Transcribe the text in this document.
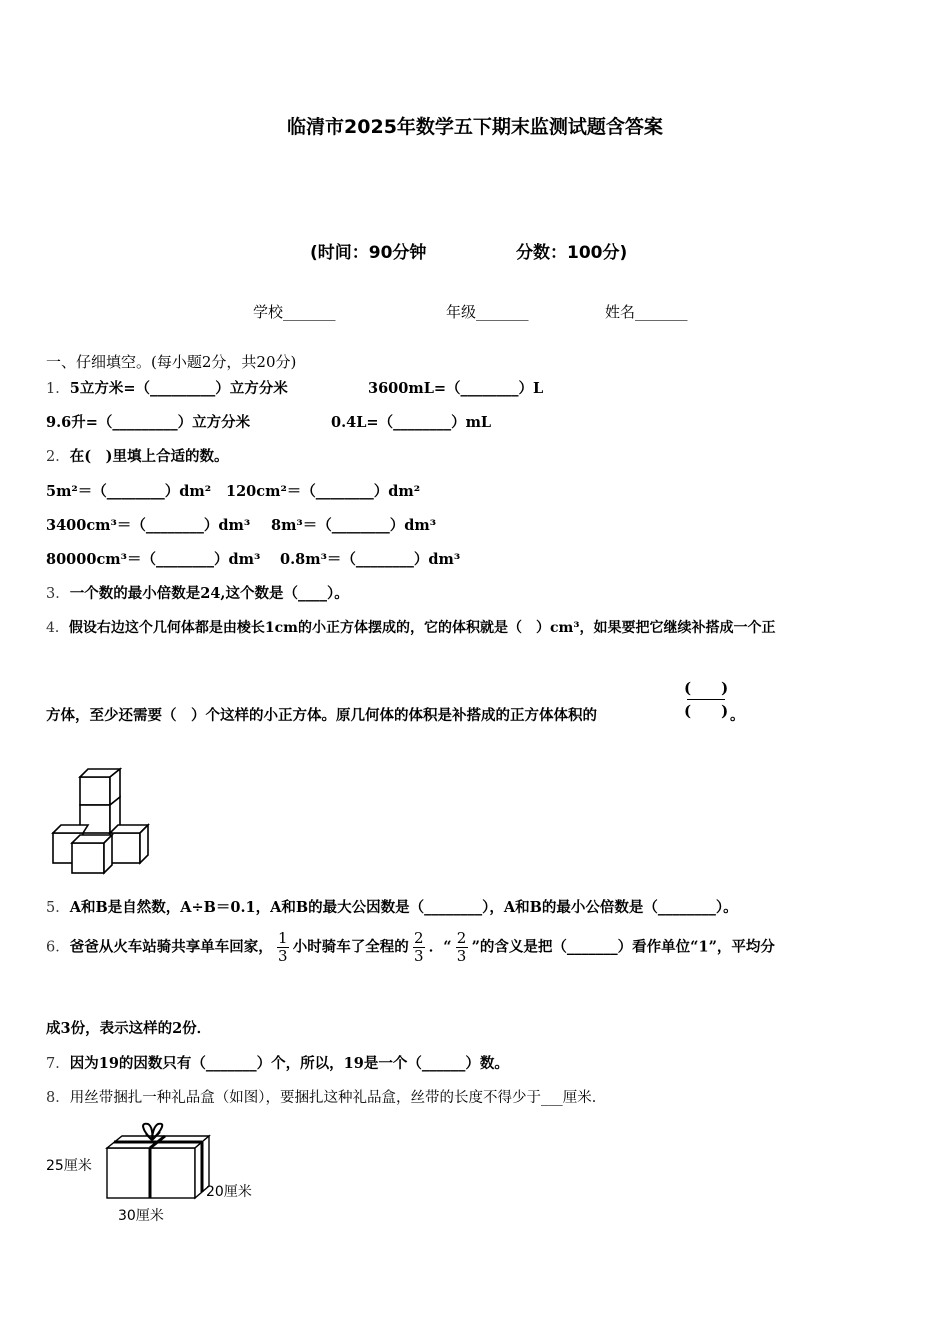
临清市2025年数学五下期末监测试题含答案
(时间：90分钟	分数：100分)
学校_______	年级_______	姓名_______
一、仔细填空。(每小题2分，共20分)
1．5立方米=（_________）立方分米	3600mL=（________）L
9.6升=（_________）立方分米	0.4L=（________）mL
2．在(　)里填上合适的数。
5m²＝（________）dm² 120cm²＝（________）dm²
3400cm³＝（________）dm³ 8m³＝（________）dm³
80000cm³＝（________）dm³ 0.8m³＝（________）dm³
3．一个数的最小倍数是24,这个数是（____）。
4．假设右边这个几何体都是由棱长1cm的小正方体摆成的，它的体积就是（　）cm³，如果要把它继续补搭成一个正
方体，至少还需要（　）个这样的小正方体。原几何体的体积是补搭成的正方体体积的
(　　)
(　　) 。
5．A和B是自然数，A÷B＝0.1，A和B的最大公因数是（________），A和B的最小公倍数是（________）。
6．爸爸从火车站骑共享单车回家， $\frac{1}{3}$ 小时骑车了全程的 $\frac{2}{3}$ ．“ $\frac{2}{3}$ ”的含义是把（_______）看作单位“1”，平均分
成3份，表示这样的2份．
7．因为19的因数只有（_______）个，所以，19是一个（______）数。
8．用丝带捆扎一种礼品盒（如图），要捆扎这种礼品盒，丝带的长度不得少于___厘米．
25厘米
20厘米
30厘米
